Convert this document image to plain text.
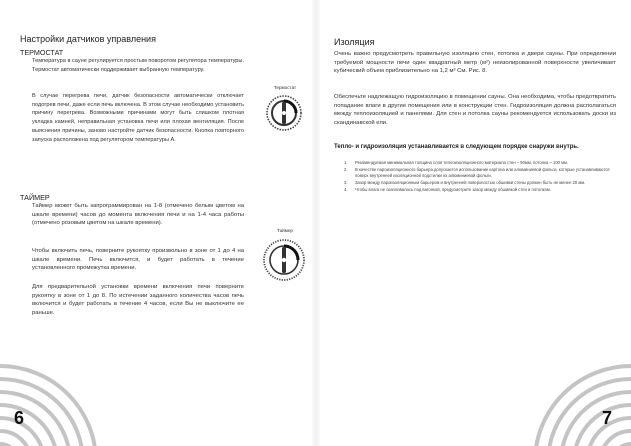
Настройки датчиков управления
ТЕРМОСТАТ
Температура в сауне регулируется простым поворотом регулятора температуры. Термостат автоматически поддерживает выбранную температуру.
В случае перегрева печи, датчик безопасности автоматически отключает подогрев печи, даже если печь включена. В этом случае необходимо установить причину перегрева. Возможными причинами могут быть слишком плотная укладка камней, неправильная установка печи или плохая вентиляция. После выяснения причины, заново настройте датчик безопасности. Кнопка повторного запуска расположена под регулятором температуры А.
Термостат
ТАЙМЕР
Таймер может быть запрограммирован на 1-8 (отмечено белым цветом на шкале времени) часов до момента включения печи и на 1-4 часа работы (отмечено розовым цветом на шкале времени).
Чтобы включить печь, поверните рукоятку произвольно в зоне от 1 до 4 на шкале времени. Печь включится, и будет работать в течение установленного промежутка времени.
Для предварительной установки времени включения печи поверните рукоятку в зоне от 1 до 8. По истечении заданного количества часов печь включится и будет работать в течение 4 часов, если Вы не выключите ее раньше.
Таймер
6
Изоляция
Очень важно предусмотреть правильную изоляцию стен, потолка и двери сауны. При определении требуемой мощности печи один квадратный метр (м²) неизолированной поверхности увеличивает кубический объем приблизительно на 1,2 м³ См. Рис. 8.
Обеспечьте надлежащую гидроизоляцию в помещении сауны. Она необходима, чтобы предотвратить попадание влаги в другие помещения или в конструкции стен. Гидроизоляция должна располагаться между теплоизоляцией и панелями. Для стен и потолка сауны рекомендуется использовать доски из скандинавской ели.
Тепло- и гидроизоляция устанавливается в следующем порядке снаружи внутрь.
1. Рекомендуемая минимальная толщина слоя теплоизоляционного материала стен – 50мм, потолка – 100 мм.
2. В качестве пароизоляционного барьера допускается использование картона или алюминиевой фольги, которые устанавливаются поверх внутренней изоляционной подстилки из алюминиевой фольги.
3. Зазор между пароизоляционным барьером и внутренней поверхностью обшивки стены должен быть не менее 20 мм.
4. Чтобы влага не скапливалась под вагонкой, предусмотрите зазор между обшивкой стен и потолком.
7
